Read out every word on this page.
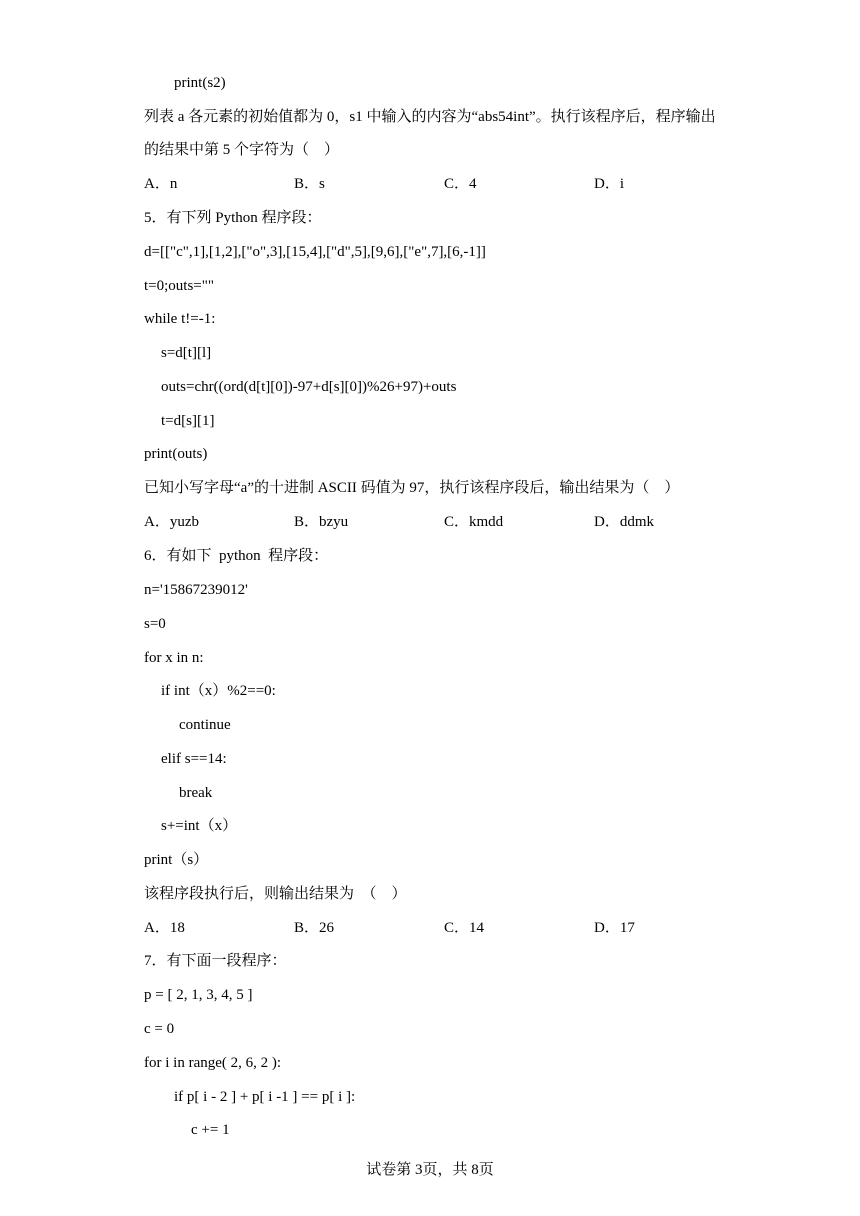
print(s2)
列表 a 各元素的初始值都为 0，s1 中输入的内容为“abs54int”。执行该程序后，程序输出
的结果中第 5 个字符为（　）
A．n	B．s	C．4	D．i
5．有下列 Python 程序段：
d=[["c",1],[1,2],["o",3],[15,4],["d",5],[9,6],["e",7],[6,-1]]
t=0;outs=""
while t!=-1:
s=d[t][l]
outs=chr((ord(d[t][0])-97+d[s][0])%26+97)+outs
t=d[s][1]
print(outs)
已知小写字母“a”的十进制 ASCII 码值为 97，执行该程序段后，输出结果为（　）
A．yuzb	B．bzyu	C．kmdd	D．ddmk
6．有如下  python  程序段：
n='15867239012'
s=0
for x in n:
if int（x）%2==0:
continue
elif s==14:
break
s+=int（x）
print（s）
该程序段执行后，则输出结果为  （　）
A．18	B．26	C．14	D．17
7．有下面一段程序：
p = [ 2, 1, 3, 4, 5 ]
c = 0
for i in range( 2, 6, 2 ):
if p[ i - 2 ] + p[ i -1 ] == p[ i ]:
c += 1
试卷第 3页，共 8页
